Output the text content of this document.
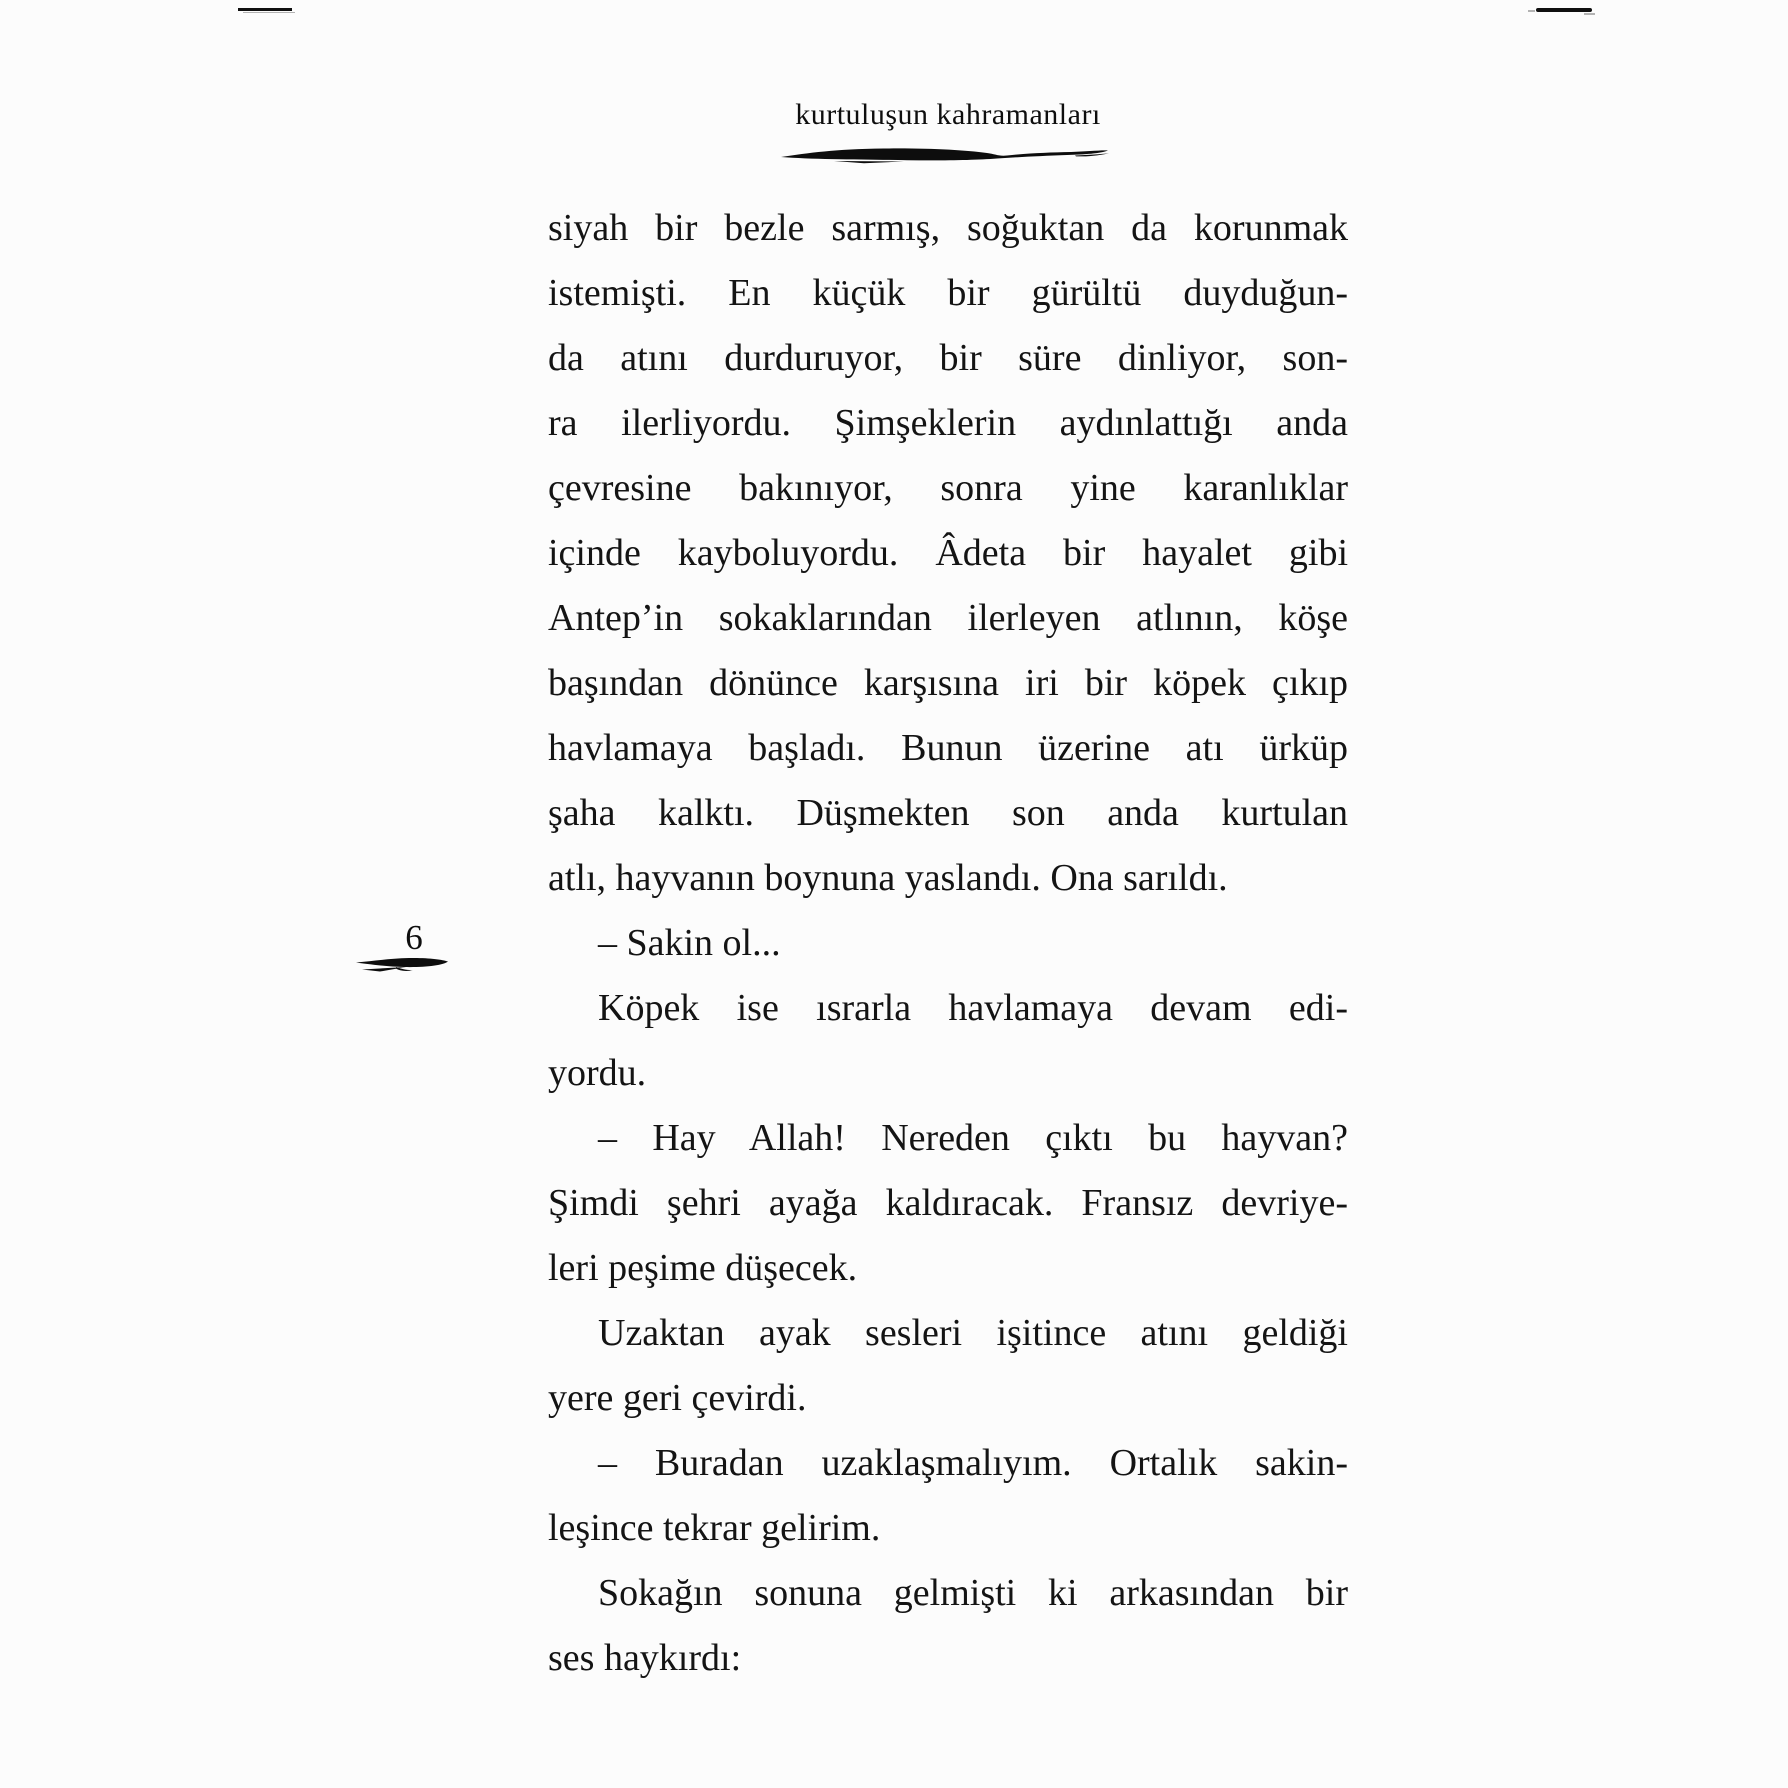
kurtuluşun kahramanları
siyah bir bezle sarmış, soğuktan da korunmak
istemişti. En küçük bir gürültü duyduğun-
da atını durduruyor, bir süre dinliyor, son-
ra ilerliyordu. Şimşeklerin aydınlattığı anda
çevresine bakınıyor, sonra yine karanlıklar
içinde kayboluyordu. Âdeta bir hayalet gibi
Antep’in sokaklarından ilerleyen atlının, köşe
başından dönünce karşısına iri bir köpek çıkıp
havlamaya başladı. Bunun üzerine atı ürküp
şaha kalktı. Düşmekten son anda kurtulan
atlı, hayvanın boynuna yaslandı. Ona sarıldı.
– Sakin ol...
Köpek ise ısrarla havlamaya devam edi-
yordu.
– Hay Allah! Nereden çıktı bu hayvan?
Şimdi şehri ayağa kaldıracak. Fransız devriye-
leri peşime düşecek.
Uzaktan ayak sesleri işitince atını geldiği
yere geri çevirdi.
– Buradan uzaklaşmalıyım. Ortalık sakin-
leşince tekrar gelirim.
Sokağın sonuna gelmişti ki arkasından bir
ses haykırdı:
6
